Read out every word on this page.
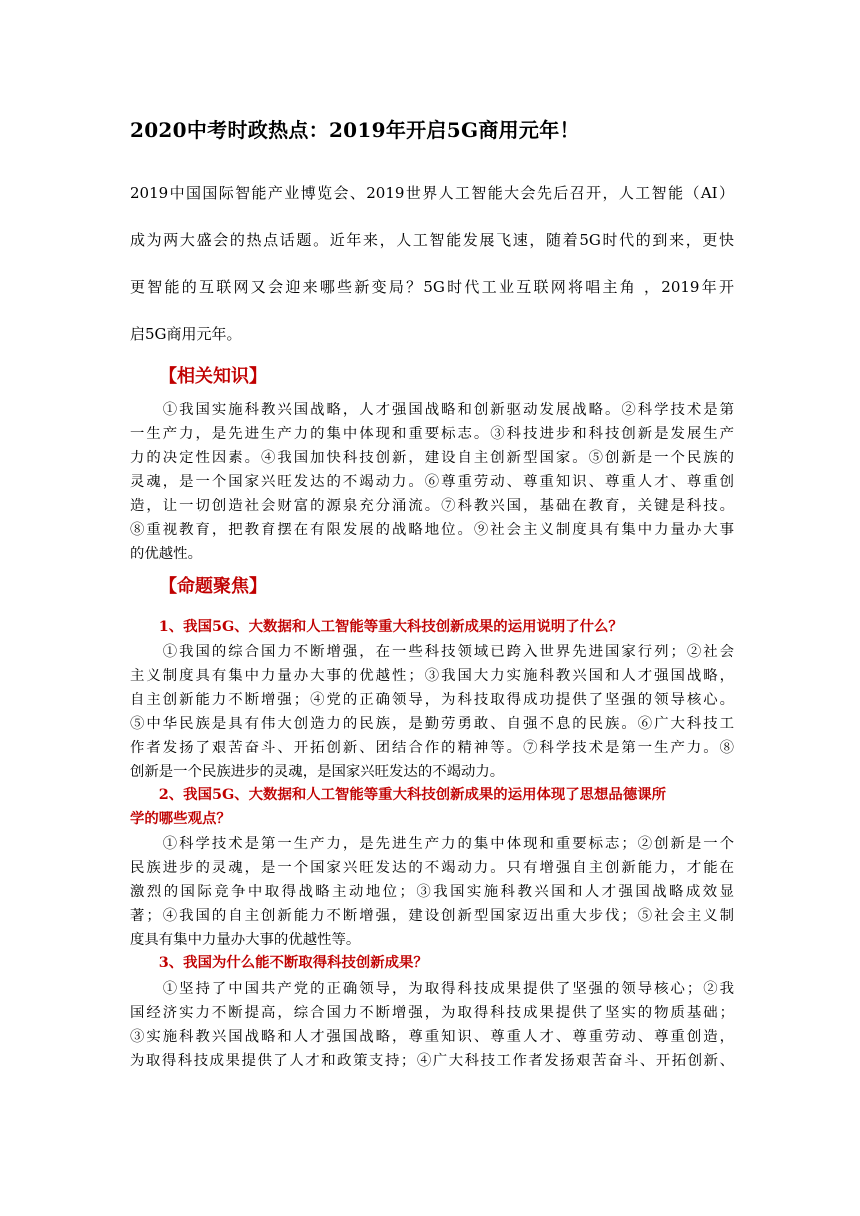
2020中考时政热点：2019年开启5G商用元年！
2019中国国际智能产业博览会、2019世界人工智能大会先后召开，人工智能（AI）
成为两大盛会的热点话题。近年来，人工智能发展飞速，随着5G时代的到来，更快
更智能的互联网又会迎来哪些新变局？5G时代工业互联网将唱主角 ，2019年开
启5G商用元年。
【相关知识】
　　①我国实施科教兴国战略，人才强国战略和创新驱动发展战略。②科学技术是第
一生产力，是先进生产力的集中体现和重要标志。③科技进步和科技创新是发展生产
力的决定性因素。④我国加快科技创新，建设自主创新型国家。⑤创新是一个民族的
灵魂，是一个国家兴旺发达的不竭动力。⑥尊重劳动、尊重知识、尊重人才、尊重创
造，让一切创造社会财富的源泉充分涌流。⑦科教兴国，基础在教育，关键是科技。
⑧重视教育，把教育摆在有限发展的战略地位。⑨社会主义制度具有集中力量办大事
的优越性。
【命题聚焦】
　　1、我国5G、大数据和人工智能等重大科技创新成果的运用说明了什么？
　　①我国的综合国力不断增强，在一些科技领域已跨入世界先进国家行列；②社会
主义制度具有集中力量办大事的优越性；③我国大力实施科教兴国和人才强国战略，
自主创新能力不断增强；④党的正确领导，为科技取得成功提供了坚强的领导核心。
⑤中华民族是具有伟大创造力的民族，是勤劳勇敢、自强不息的民族。⑥广大科技工
作者发扬了艰苦奋斗、开拓创新、团结合作的精神等。⑦科学技术是第一生产力。⑧
创新是一个民族进步的灵魂，是国家兴旺发达的不竭动力。
　　2、我国5G、大数据和人工智能等重大科技创新成果的运用体现了思想品德课所
学的哪些观点？
　　①科学技术是第一生产力，是先进生产力的集中体现和重要标志；②创新是一个
民族进步的灵魂，是一个国家兴旺发达的不竭动力。只有增强自主创新能力，才能在
激烈的国际竞争中取得战略主动地位；③我国实施科教兴国和人才强国战略成效显
著；④我国的自主创新能力不断增强，建设创新型国家迈出重大步伐；⑤社会主义制
度具有集中力量办大事的优越性等。
　　3、我国为什么能不断取得科技创新成果？
　　①坚持了中国共产党的正确领导，为取得科技成果提供了坚强的领导核心；②我
国经济实力不断提高，综合国力不断增强，为取得科技成果提供了坚实的物质基础；
③实施科教兴国战略和人才强国战略，尊重知识、尊重人才、尊重劳动、尊重创造，
为取得科技成果提供了人才和政策支持；④广大科技工作者发扬艰苦奋斗、开拓创新、
